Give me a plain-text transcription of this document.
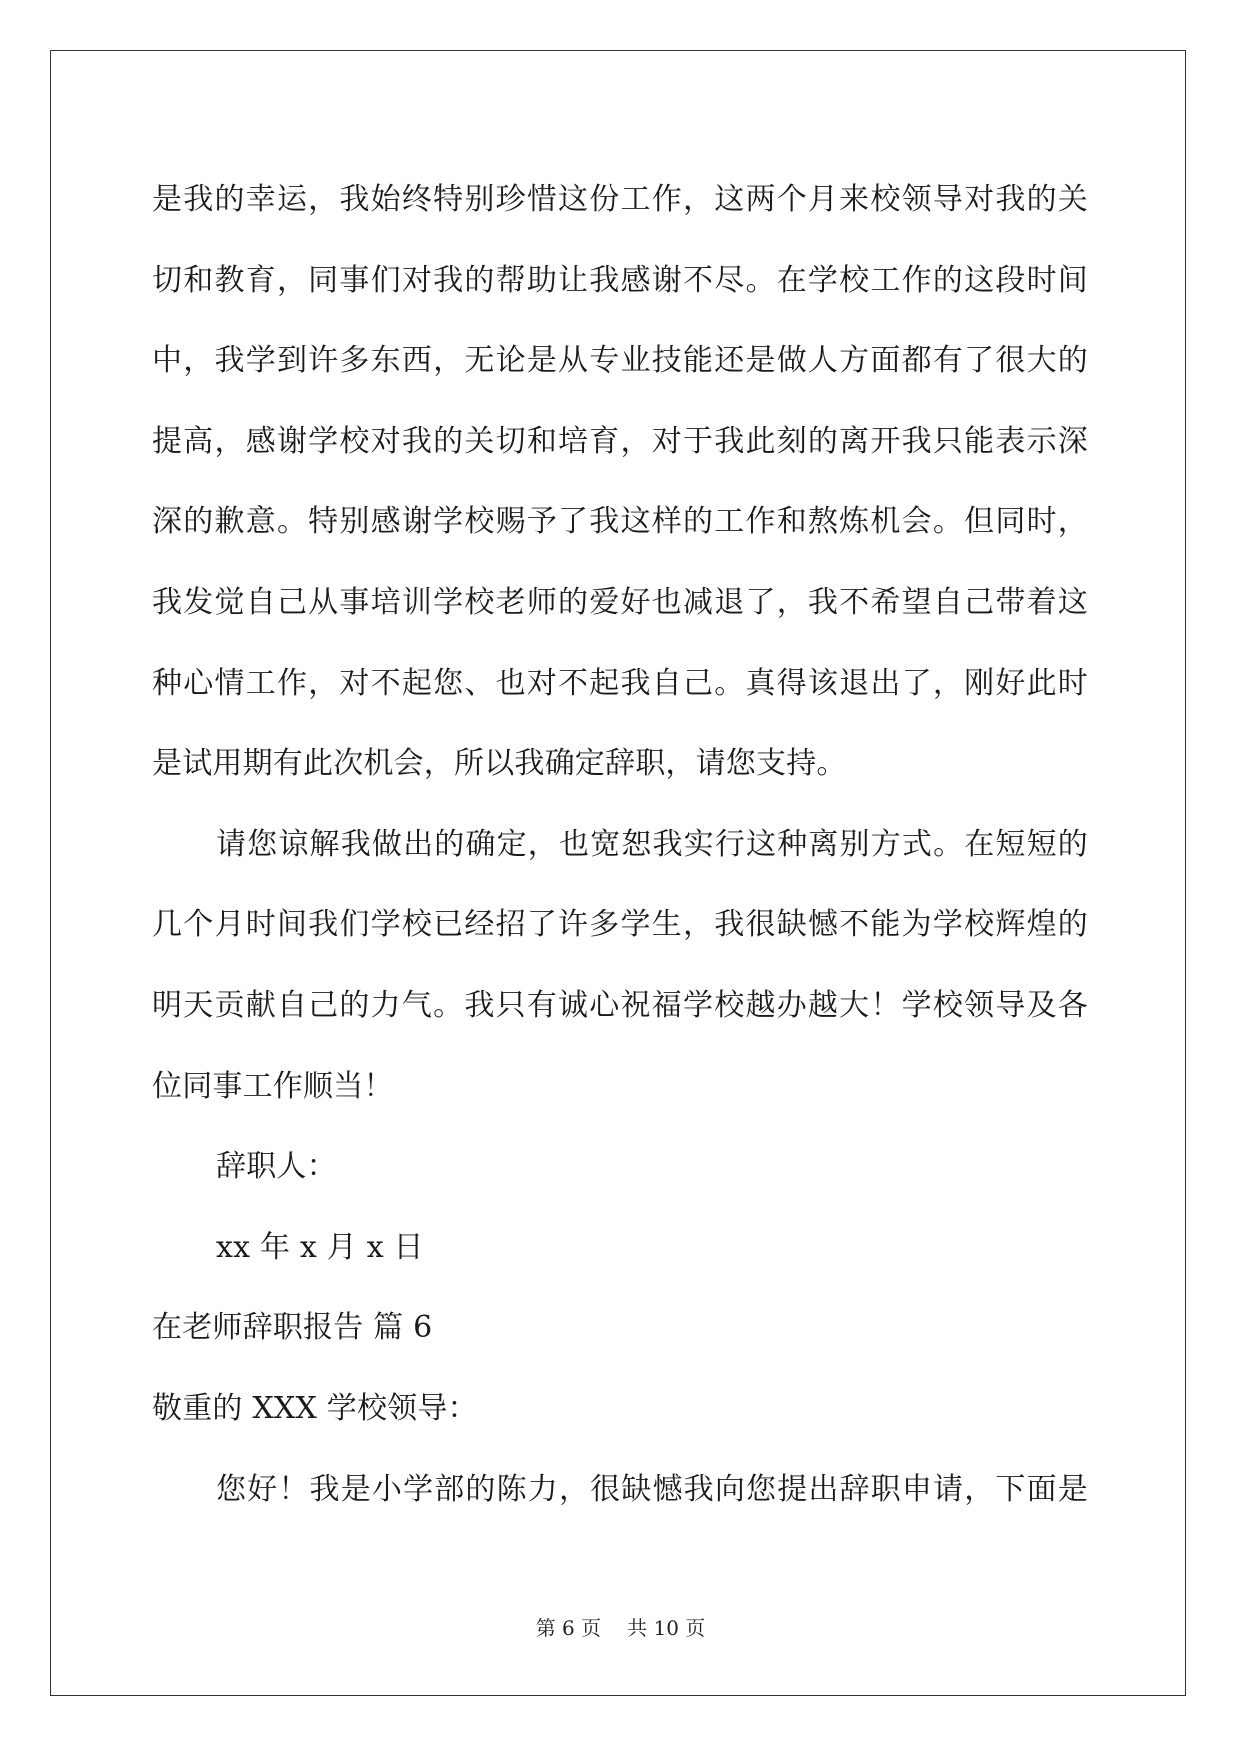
是我的幸运，我始终特别珍惜这份工作，这两个月来校领导对我的关
切和教育，同事们对我的帮助让我感谢不尽。在学校工作的这段时间
中，我学到许多东西，无论是从专业技能还是做人方面都有了很大的
提高，感谢学校对我的关切和培育，对于我此刻的离开我只能表示深
深的歉意。特别感谢学校赐予了我这样的工作和熬炼机会。但同时，
我发觉自己从事培训学校老师的爱好也减退了，我不希望自己带着这
种心情工作，对不起您、也对不起我自己。真得该退出了，刚好此时
是试用期有此次机会，所以我确定辞职，请您支持。
请您谅解我做出的确定，也宽恕我实行这种离别方式。在短短的
几个月时间我们学校已经招了许多学生，我很缺憾不能为学校辉煌的
明天贡献自己的力气。我只有诚心祝福学校越办越大！学校领导及各
位同事工作顺当！
辞职人：
xx 年 x 月 x 日
在老师辞职报告 篇 6
敬重的 XXX 学校领导：
您好！我是小学部的陈力，很缺憾我向您提出辞职申请，下面是
第 6 页 共 10 页
